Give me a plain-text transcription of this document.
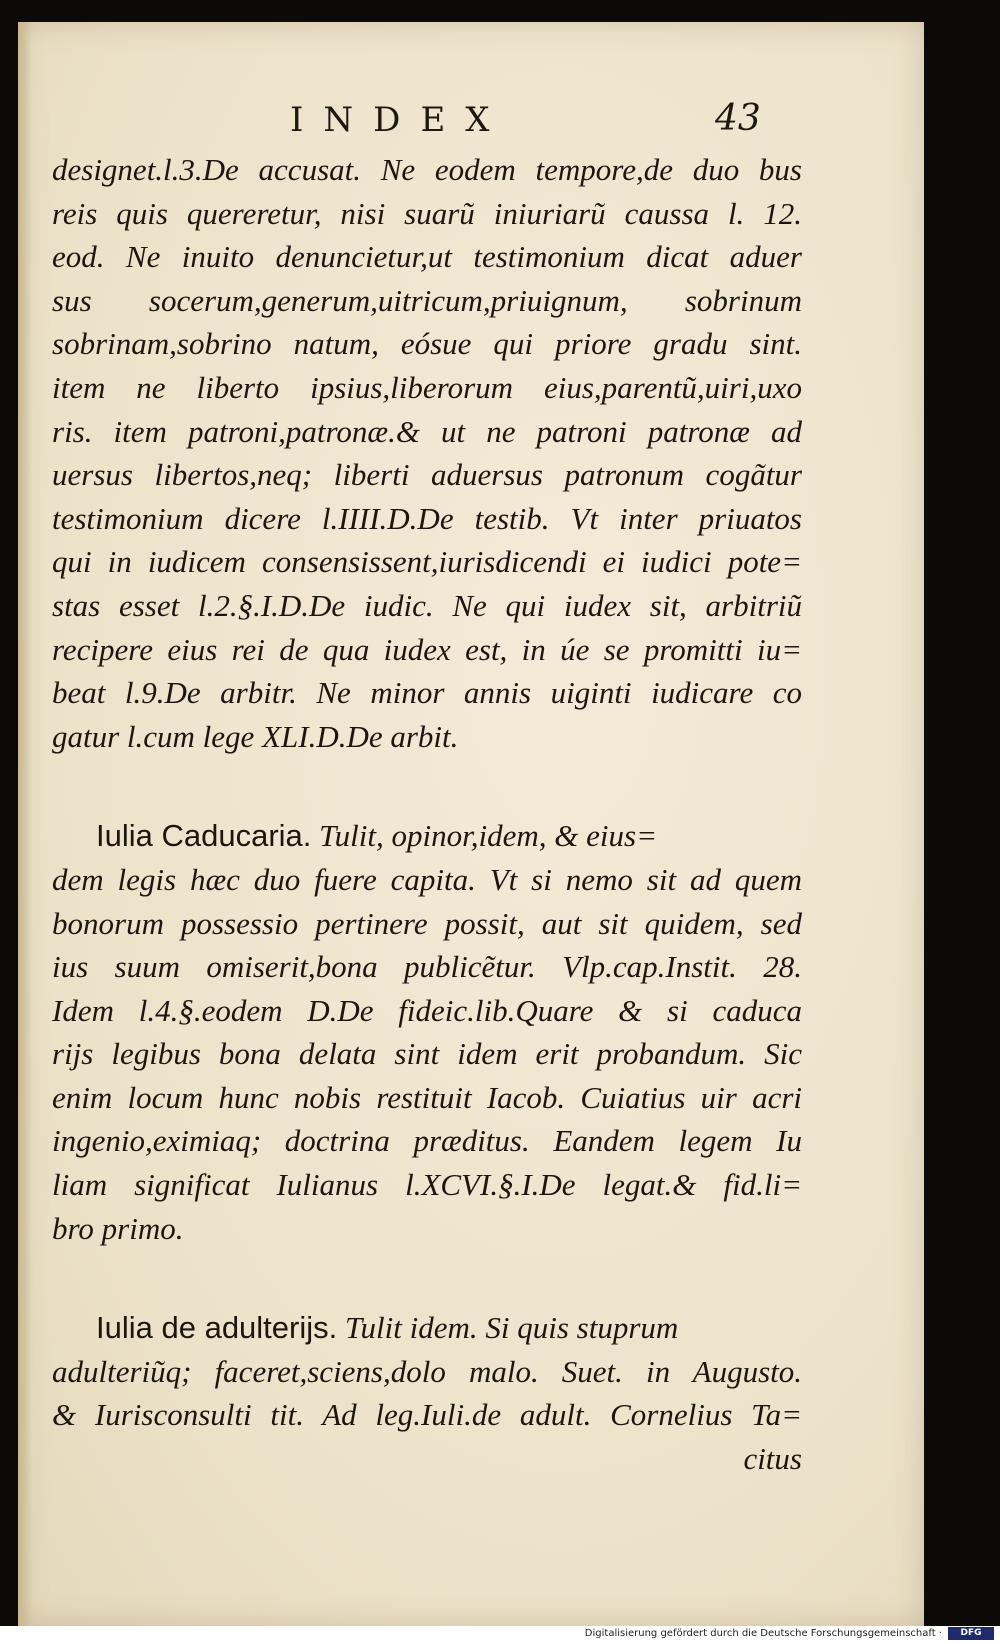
INDEX	43
designet.l.3.De accusat. Ne eodem tempore,de duo bus
reis quis quereretur, nisi suarũ iniuriarũ caussa l. 12.
eod. Ne inuito denuncietur,ut testimonium dicat aduer
sus socerum,generum,uitricum,priuignum, sobrinum
sobrinam,sobrino natum, eósue qui priore gradu sint.
item ne liberto ipsius,liberorum eius,parentũ,uiri,uxo
ris. item patroni,patronæ.& ut ne patroni patronæ ad
uersus libertos,neq; liberti aduersus patronum cogãtur
testimonium dicere l.IIII.D.De testib. Vt inter priuatos
qui in iudicem consensissent,iurisdicendi ei iudici pote=
stas esset l.2.§.I.D.De iudic. Ne qui iudex sit, arbitriũ
recipere eius rei de qua iudex est, in úe se promitti iu=
beat l.9.De arbitr. Ne minor annis uiginti iudicare co
gatur l.cum lege XLI.D.De arbit.
Iulia Caducaria. Tulit, opinor,idem, & eius=
dem legis hæc duo fuere capita. Vt si nemo sit ad quem
bonorum possessio pertinere possit, aut sit quidem, sed
ius suum omiserit,bona publicẽtur. Vlp.cap.Instit. 28.
Idem l.4.§.eodem D.De fideic.lib.Quare & si caduca
rijs legibus bona delata sint idem erit probandum. Sic
enim locum hunc nobis restituit Iacob. Cuiatius uir acri
ingenio,eximiaq; doctrina præditus. Eandem legem Iu
liam significat Iulianus l.XCVI.§.I.De legat.& fid.li=
bro primo.
Iulia de adulterijs. Tulit idem. Si quis stuprum
adulteriũq; faceret,sciens,dolo malo. Suet. in Augusto.
& Iurisconsulti tit. Ad leg.Iuli.de adult. Cornelius Ta=
citus
Digitalisierung gefördert durch die Deutsche Forschungsgemeinschaft ·	DFG
